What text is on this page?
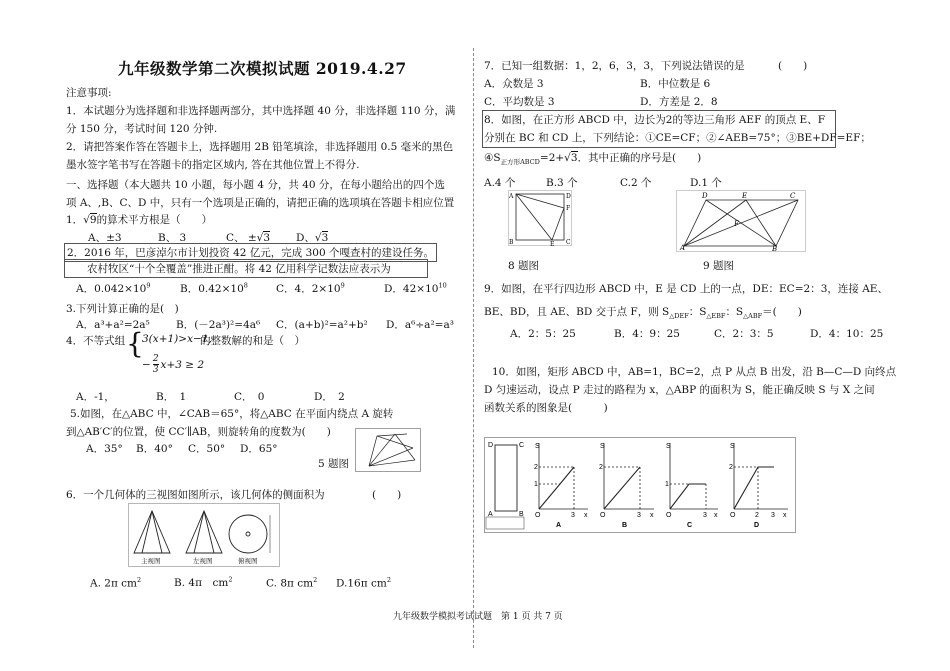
九年级数学第二次模拟试题 2019.4.27
注意事项:
1．本试题分为选择题和非选择题两部分，其中选择题 40 分，非选择题 110 分，满
分 150 分，考试时间 120 分钟.
2．请把答案作答在答题卡上，选择题用 2B 铅笔填涂，非选择题用 0.5 毫米的黑色
墨水签字笔书写在答题卡的指定区域内, 答在其他位置上不得分.
一、选择题（本大题共 10 小题，每小题 4 分，共 40 分，在每小题给出的四个选
项 A、,B、C、D 中，只有一个选项是正确的，请把正确的选项填在答题卡相应位置
1．√9的算术平方根是（　　）
A、±3	B、 3	C、 ±√3 D、√3
2．2016 年，巴彦淖尔市计划投资 42 亿元，完成 300 个嘎查村的建设任务。
农村牧区“十个全覆盖”推进正酣。将 42 亿用科学记数法应表示为
A．$0.042\times 10^9$	B．$0.42\times 10^8$	C．4．$2\times 10^9$	D．$42\times 10^{10}$
3.下列计算正确的是(　)
A．a³+a²=2a⁵ B．(－2a³)²=4a⁶ C．(a+b)²=a²+b² D．a⁶÷a²=a³
4．不等式组 {
3(x+1)>x−1,
的整数解的和是（　）
− $\frac{2}{3} x+3 \ge 2$
A．-1，	B．　1	C．　0	D．　2
5.如图，在△ABC 中，∠CAB＝65°，将△ABC 在平面内绕点 A 旋转
到△AB′C′的位置，使 CC′∥AB，则旋转角的度数为(　　)
A．35° B．40° C．50° D．65°
5 题图
6．一个几何体的三视图如图所示，该几何体的侧面积为	(　　)
主视图	左视图	俯视图
A. 2π $cm^2$	B. 4π　$cm^2$	C. 8π $cm^2$ D.16π $cm^2$
7．已知一组数据：1，2，6，3，3，下列说法错误的是	(　　)
A．众数是 3	B．中位数是 6
C．平均数是 3	D．方差是 2．8
8．如图，在正方形 ABCD 中，边长为2的等边三角形 AEF 的顶点 E、F
分别在 BC 和 CD 上，下列结论：①CE=CF；②∠AEB=75°；③BE+DF=EF；
$④S_{正方形ABCD}=2+√3$．其中正确的序号是(　　)
A.4 个	B.3 个	C.2 个	D.1 个
A	D
B	C
E
F
8 题图
A	B
C
D	E
F
9 题图
9．如图，在平行四边形 ABCD 中，E 是 CD 上的一点，DE：EC=2：3，连接 AE、
BE、BD，且 AE、BD 交于点 F，则 $S_{\triangle DEF}$：$S_{\triangle EBF}$：$S_{\triangle ABF}=$(　　)
A．2：5：25	B．4：9：25	C．2：3：5	D．4：10：25
10．如图，矩形 ABCD 中，AB=1，BC=2，点 P 从点 B 出发，沿 B—C—D 向终点
D 匀速运动，设点 P 走过的路程为 x，△ABP 的面积为 S，能正确反映 S 与 X 之间
函数关系的图象是(　　　)
D	C
A	B
S
2
1
O	3 x
A
S
2
O	3 x
B
S
1
O	3 x
C
S
2
O	2 3 x
D
九年级数学模拟考试试题　第 1 页 共 7 页
